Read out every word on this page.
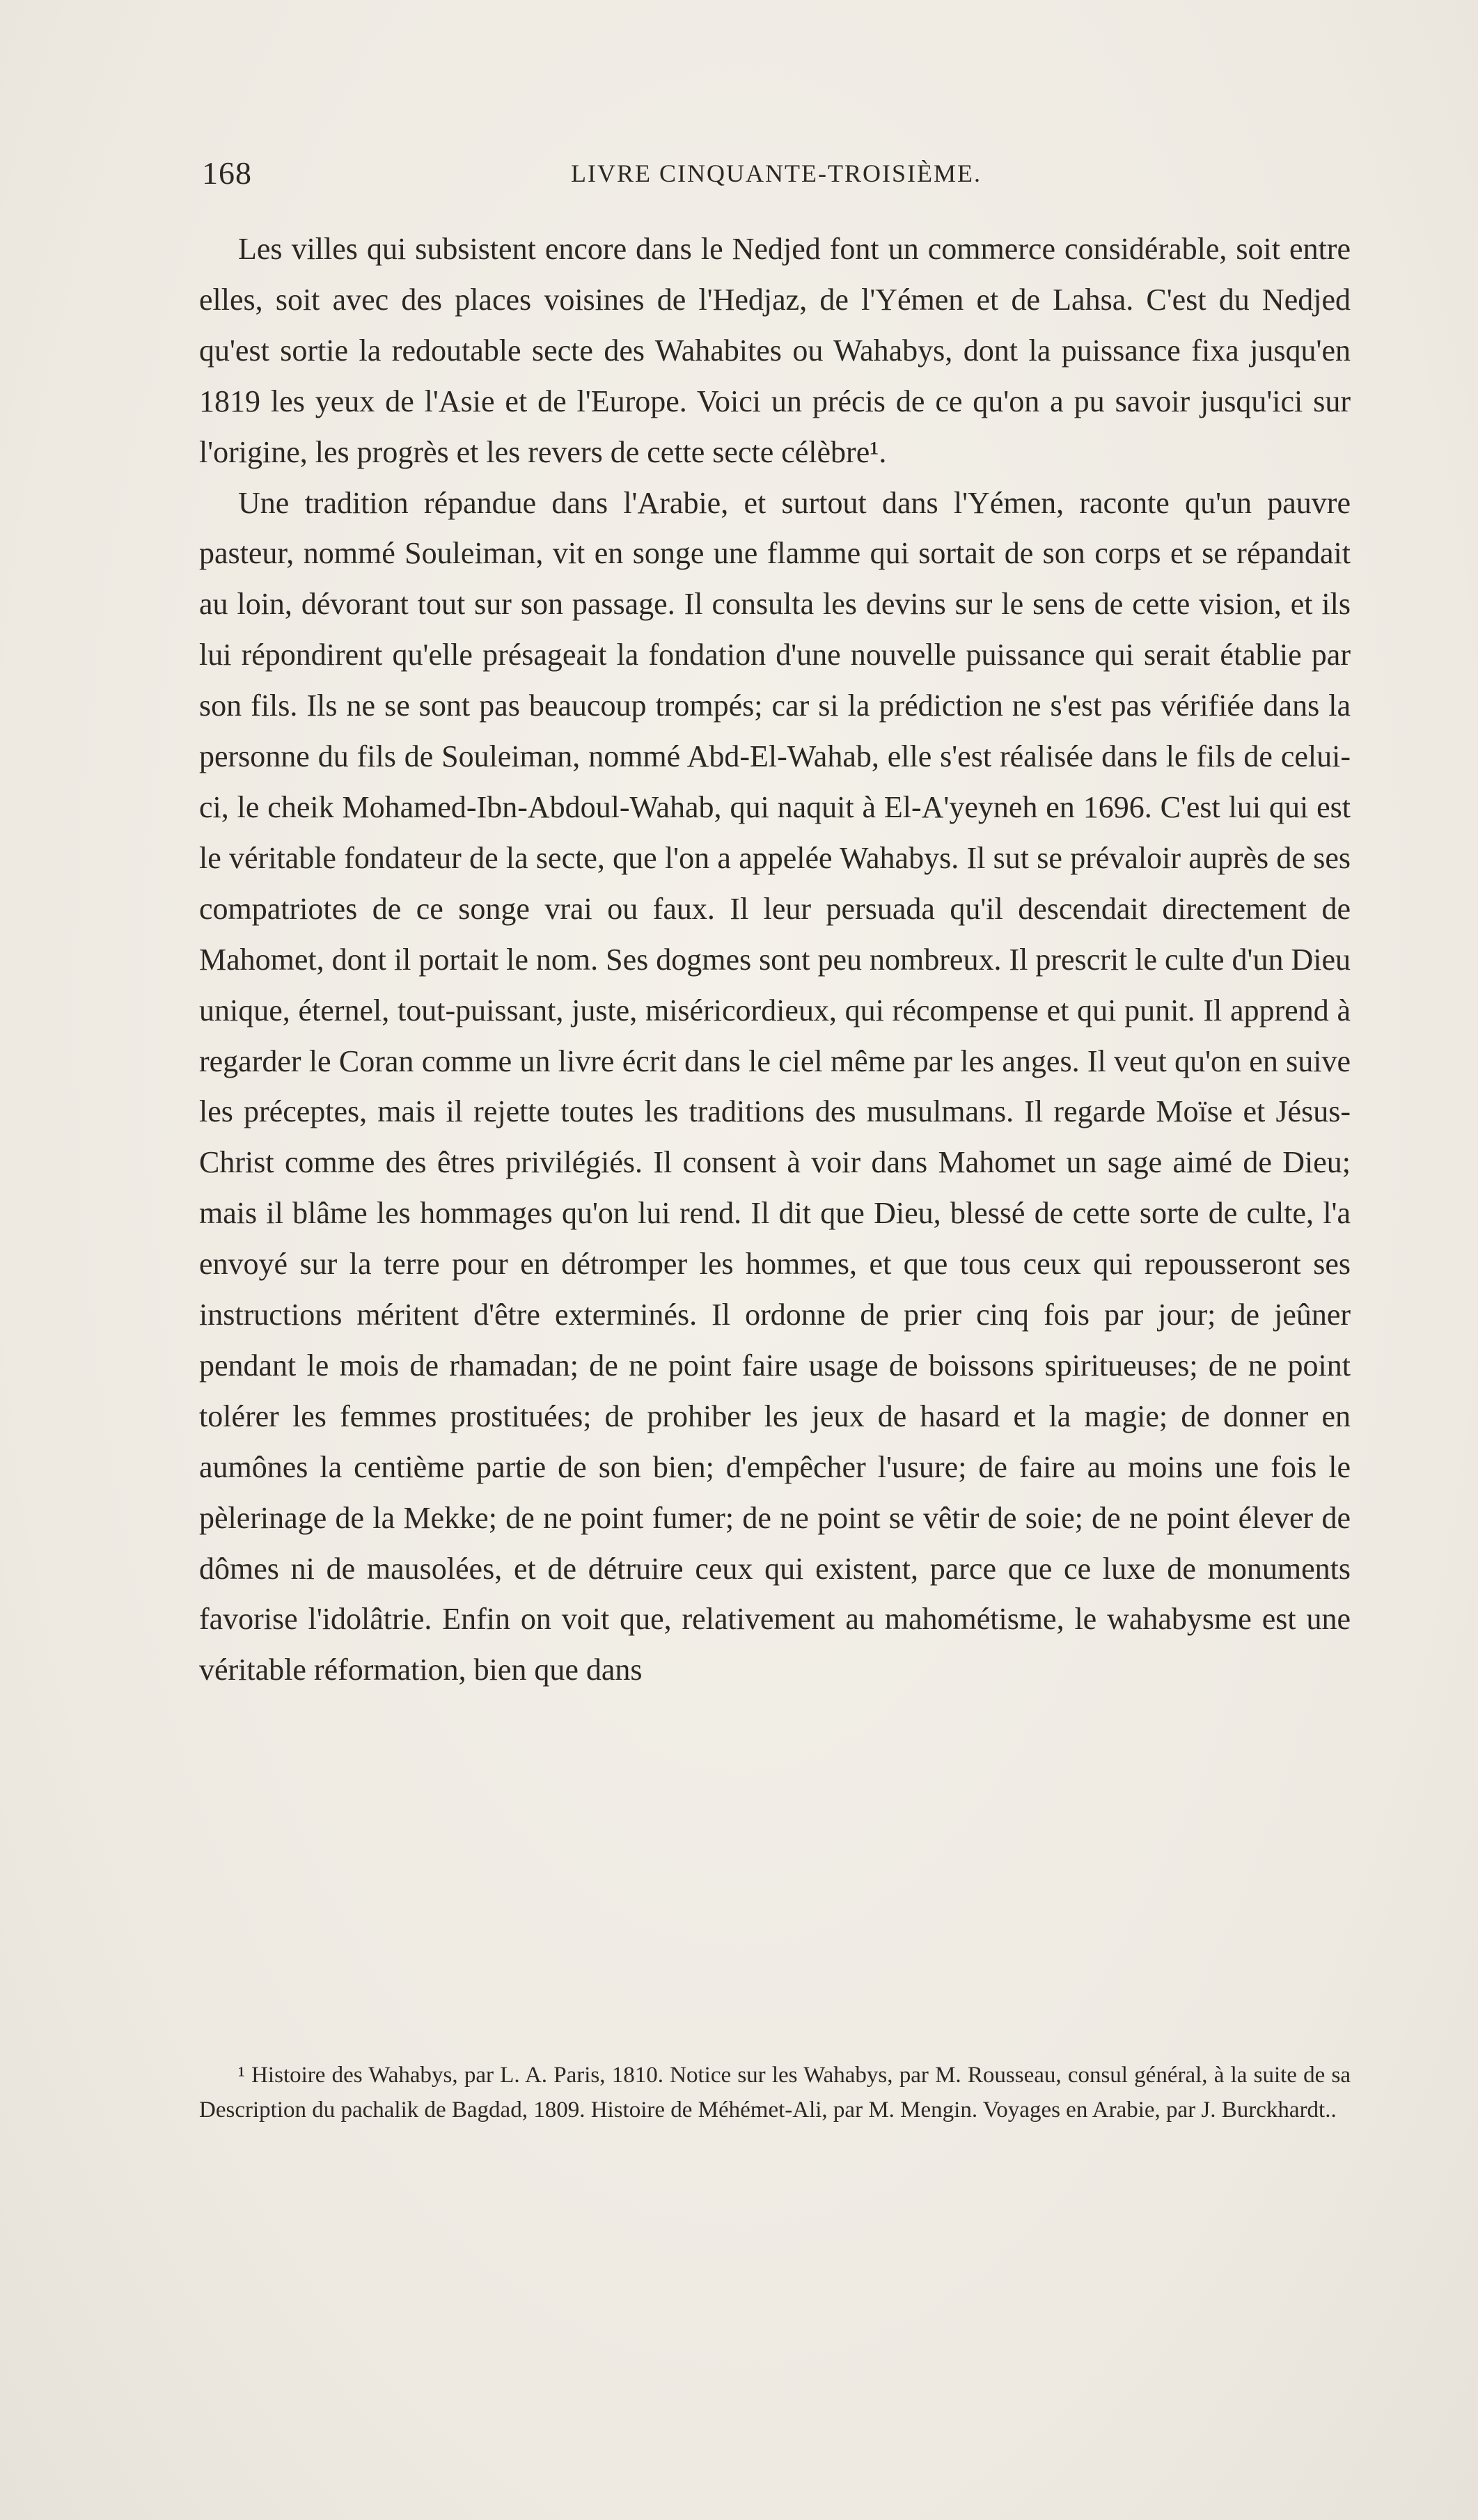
168	LIVRE CINQUANTE-TROISIÈME.

Les villes qui subsistent encore dans le Nedjed font un commerce considérable, soit entre elles, soit avec des places voisines de l'Hedjaz, de l'Yémen et de Lahsa. C'est du Nedjed qu'est sortie la redoutable secte des Wahabites ou Wahabys, dont la puissance fixa jusqu'en 1819 les yeux de l'Asie et de l'Europe. Voici un précis de ce qu'on a pu savoir jusqu'ici sur l'origine, les progrès et les revers de cette secte célèbre¹.

Une tradition répandue dans l'Arabie, et surtout dans l'Yémen, raconte qu'un pauvre pasteur, nommé Souleiman, vit en songe une flamme qui sortait de son corps et se répandait au loin, dévorant tout sur son passage. Il consulta les devins sur le sens de cette vision, et ils lui répondirent qu'elle présageait la fondation d'une nouvelle puissance qui serait établie par son fils. Ils ne se sont pas beaucoup trompés; car si la prédiction ne s'est pas vérifiée dans la personne du fils de Souleiman, nommé Abd-El-Wahab, elle s'est réalisée dans le fils de celui-ci, le cheik Mohamed-Ibn-Abdoul-Wahab, qui naquit à El-A'yeyneh en 1696. C'est lui qui est le véritable fondateur de la secte, que l'on a appelée Wahabys. Il sut se prévaloir auprès de ses compatriotes de ce songe vrai ou faux. Il leur persuada qu'il descendait directement de Mahomet, dont il portait le nom. Ses dogmes sont peu nombreux. Il prescrit le culte d'un Dieu unique, éternel, tout-puissant, juste, miséricordieux, qui récompense et qui punit. Il apprend à regarder le Coran comme un livre écrit dans le ciel même par les anges. Il veut qu'on en suive les préceptes, mais il rejette toutes les traditions des musulmans. Il regarde Moïse et Jésus-Christ comme des êtres privilégiés. Il consent à voir dans Mahomet un sage aimé de Dieu; mais il blâme les hommages qu'on lui rend. Il dit que Dieu, blessé de cette sorte de culte, l'a envoyé sur la terre pour en détromper les hommes, et que tous ceux qui repousseront ses instructions méritent d'être exterminés. Il ordonne de prier cinq fois par jour; de jeûner pendant le mois de rhamadan; de ne point faire usage de boissons spiritueuses; de ne point tolérer les femmes prostituées; de prohiber les jeux de hasard et la magie; de donner en aumônes la centième partie de son bien; d'empêcher l'usure; de faire au moins une fois le pèlerinage de la Mekke; de ne point fumer; de ne point se vêtir de soie; de ne point élever de dômes ni de mausolées, et de détruire ceux qui existent, parce que ce luxe de monuments favorise l'idolâtrie. Enfin on voit que, relativement au mahométisme, le wahabysme est une véritable réformation, bien que dans

¹ Histoire des Wahabys, par L. A. Paris, 1810. Notice sur les Wahabys, par M. Rousseau, consul général, à la suite de sa Description du pachalik de Bagdad, 1809. Histoire de Méhémet-Ali, par M. Mengin. Voyages en Arabie, par J. Burckhardt..
